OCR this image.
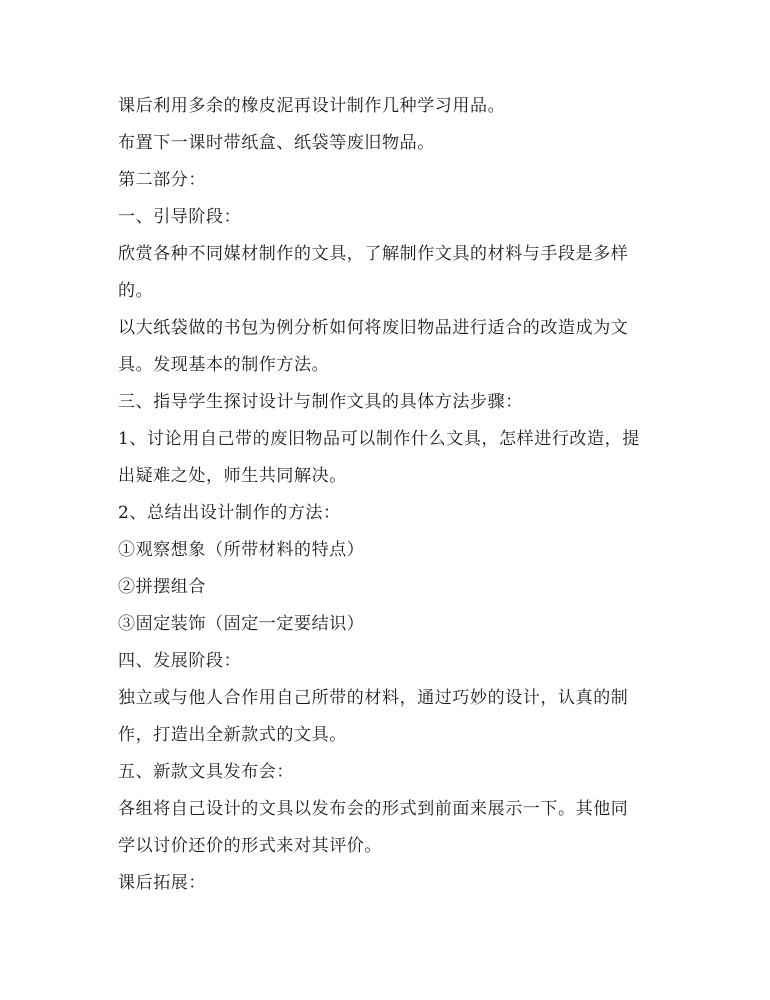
课后利用多余的橡皮泥再设计制作几种学习用品。
布置下一课时带纸盒、纸袋等废旧物品。
第二部分：
一、引导阶段：
欣赏各种不同媒材制作的文具，了解制作文具的材料与手段是多样
的。
以大纸袋做的书包为例分析如何将废旧物品进行适合的改造成为文
具。发现基本的制作方法。
三、指导学生探讨设计与制作文具的具体方法步骤：
1、讨论用自己带的废旧物品可以制作什么文具，怎样进行改造，提
出疑难之处，师生共同解决。
2、总结出设计制作的方法：
①观察想象（所带材料的特点）
②拼摆组合
③固定装饰（固定一定要结识）
四、发展阶段：
独立或与他人合作用自己所带的材料，通过巧妙的设计，认真的制
作，打造出全新款式的文具。
五、新款文具发布会：
各组将自己设计的文具以发布会的形式到前面来展示一下。其他同
学以讨价还价的形式来对其评价。
课后拓展：
